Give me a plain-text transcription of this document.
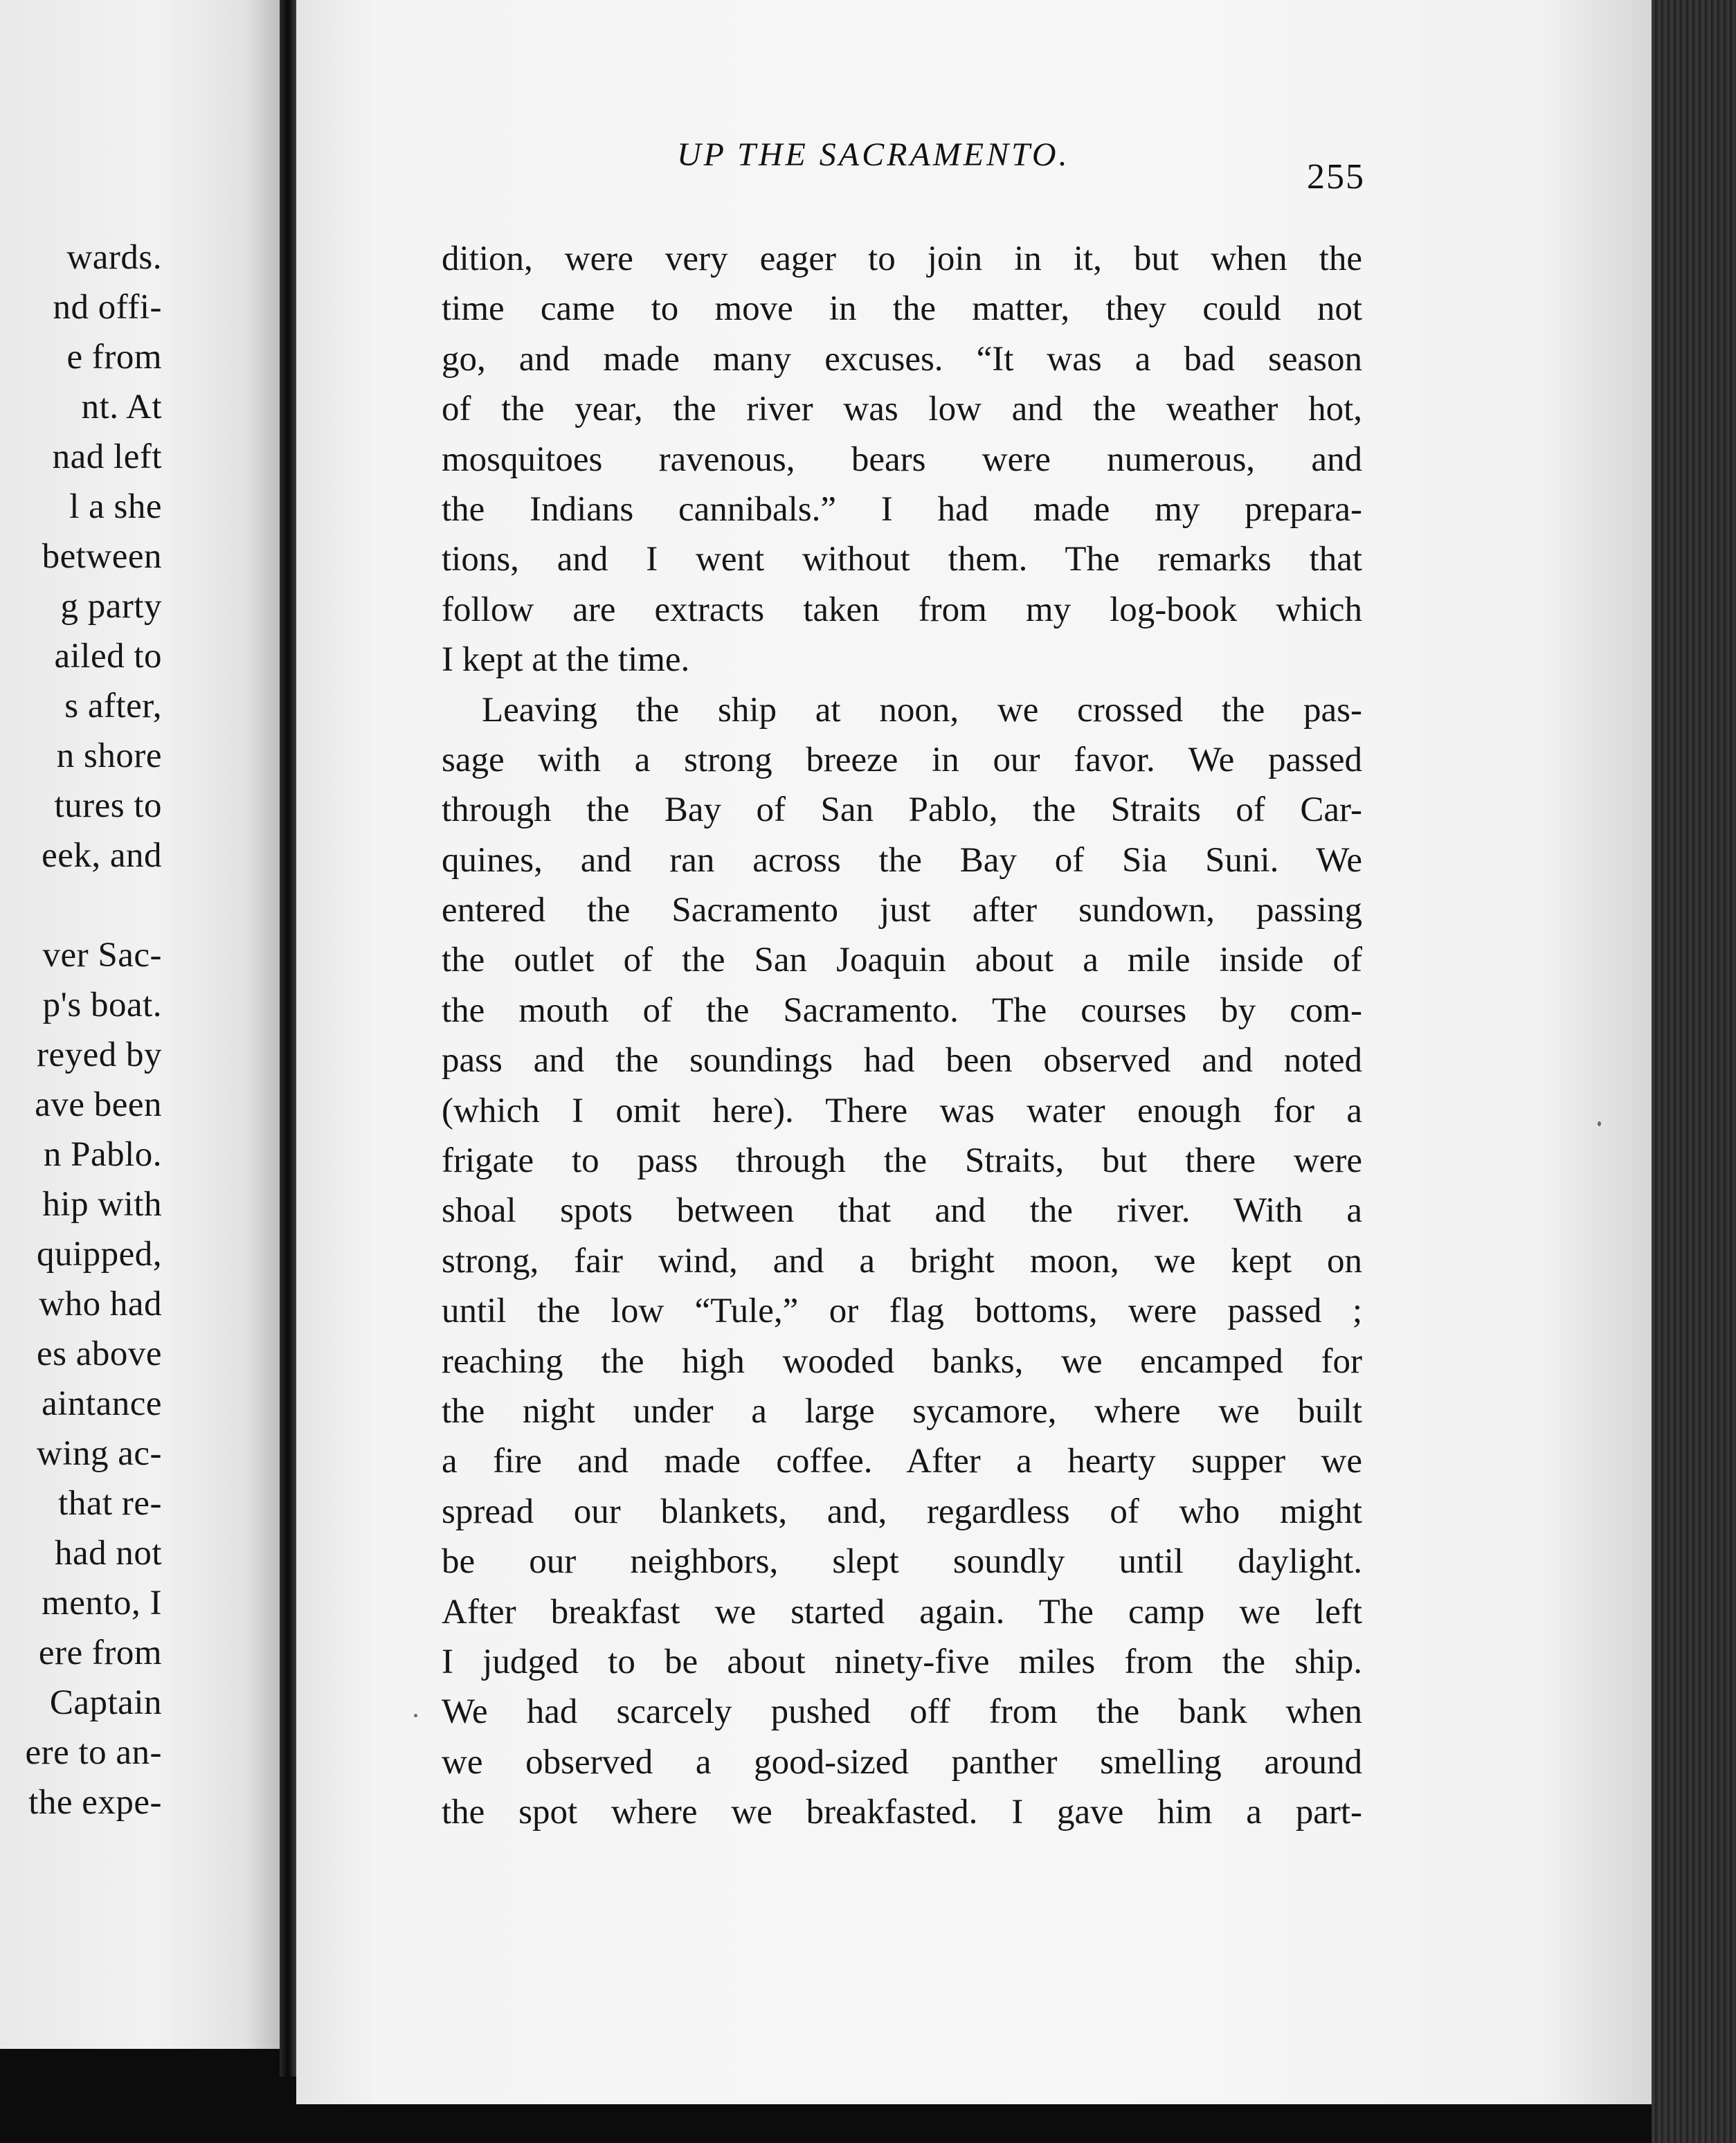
wards.
nd offi-
e from
nt. At
nad left
l a she
between
g party
ailed to
s after,
n shore
tures to
eek, and
ver Sac-
p's boat.
reyed by
ave been
n Pablo.
hip with
quipped,
who had
es above
aintance
wing ac-
that re-
had not
mento, I
ere from
Captain
ere to an-
the expe-
UP THE SACRAMENTO.
255
dition, were very eager to join in it, but when the
time came to move in the matter, they could not
go, and made many excuses. “It was a bad season
of the year, the river was low and the weather hot,
mosquitoes ravenous, bears were numerous, and
the Indians cannibals.” I had made my prepara-
tions, and I went without them. The remarks that
follow are extracts taken from my log-book which
I kept at the time.
Leaving the ship at noon, we crossed the pas-
sage with a strong breeze in our favor. We passed
through the Bay of San Pablo, the Straits of Car-
quines, and ran across the Bay of Sia Suni. We
entered the Sacramento just after sundown, passing
the outlet of the San Joaquin about a mile inside of
the mouth of the Sacramento. The courses by com-
pass and the soundings had been observed and noted
(which I omit here). There was water enough for a
frigate to pass through the Straits, but there were
shoal spots between that and the river. With a
strong, fair wind, and a bright moon, we kept on
until the low “Tule,” or flag bottoms, were passed ;
reaching the high wooded banks, we encamped for
the night under a large sycamore, where we built
a fire and made coffee. After a hearty supper we
spread our blankets, and, regardless of who might
be our neighbors, slept soundly until daylight.
After breakfast we started again. The camp we left
I judged to be about ninety-five miles from the ship.
We had scarcely pushed off from the bank when
we observed a good-sized panther smelling around
the spot where we breakfasted. I gave him a part-
